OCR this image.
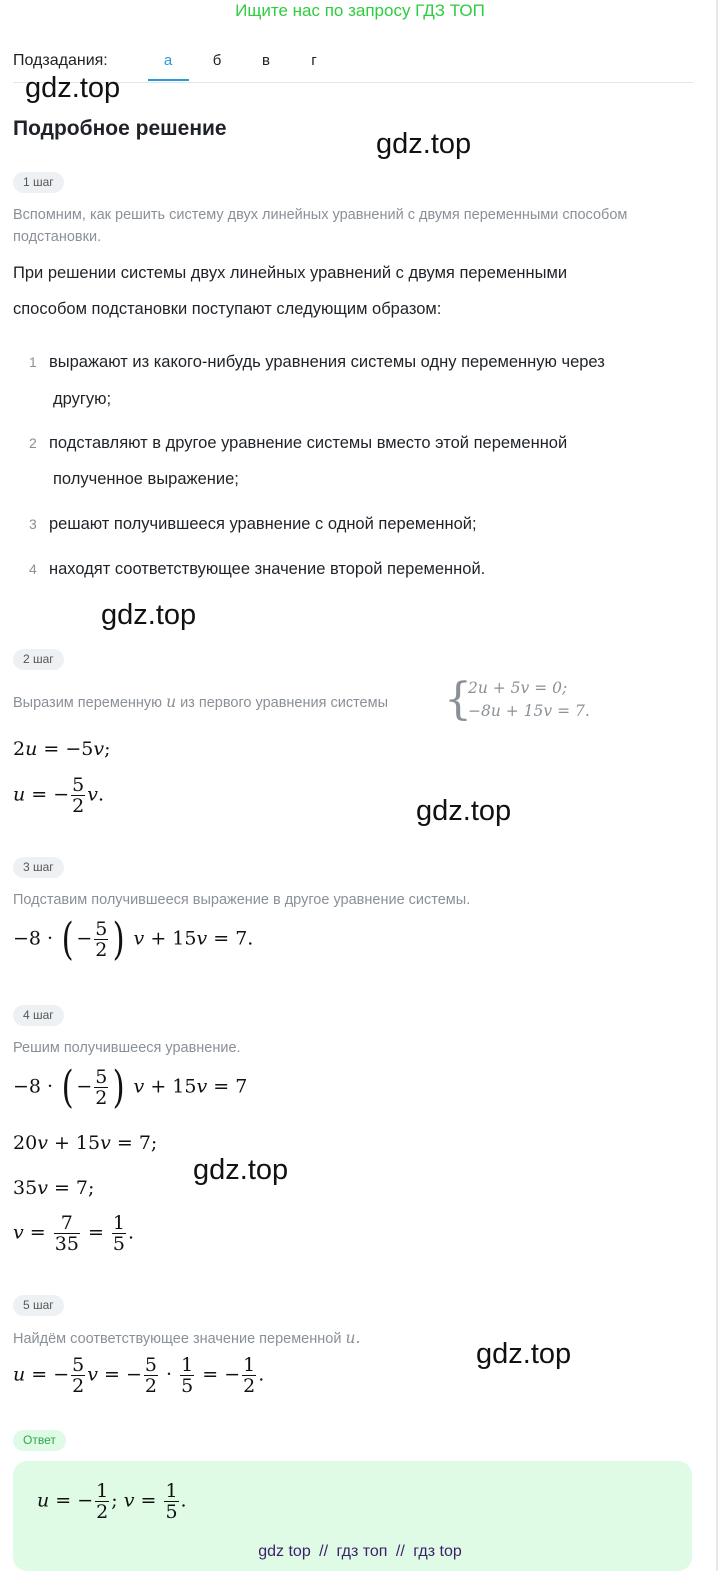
Ищите нас по запросу ГДЗ ТОП
Подзадания:	а	б	в	г
gdz.top
Подробное решение	gdz.top
1 шаг
Вспомним, как решить систему двух линейных уравнений с двумя переменными способом подстановки.
При решении системы двух линейных уравнений с двумя переменными
способом подстановки поступают следующим образом:
1 выражают из какого-нибудь уравнения системы одну переменную через
другую;
2 подставляют в другое уравнение системы вместо этой переменной
полученное выражение;
3 решают получившееся уравнение с одной переменной;
4 находят соответствующее значение второй переменной.
gdz.top
2 шаг
Выразим переменную u из первого уравнения системы {
2u + 5v = 0;
−8u + 15v = 7.
2u = −5v;
u = − $\frac{5}{2} v$.
gdz.top
3 шаг
Подставим получившееся выражение в другое уравнение системы.
−8 · ( − $\frac{5}{2}$ ) v + 15v = 7.
4 шаг
Решим получившееся уравнение.
−8 · ( − $\frac{5}{2}$ ) v + 15v = 7
20v + 15v = 7;
gdz.top
35v = 7;
$v = \frac{7}{35} = \frac{1}{5}$ .
5 шаг
Найдём соответствующее значение переменной u.	gdz.top
u = − $\frac{5}{2}$ v = − $\frac{5}{2} \cdot \frac{1}{5}$ = − $\frac{1}{2}$ .
Ответ
u = − $\frac{1}{2}$ ; $v = \frac{1}{5}$ .
gdz top // гдз топ // гдз top
